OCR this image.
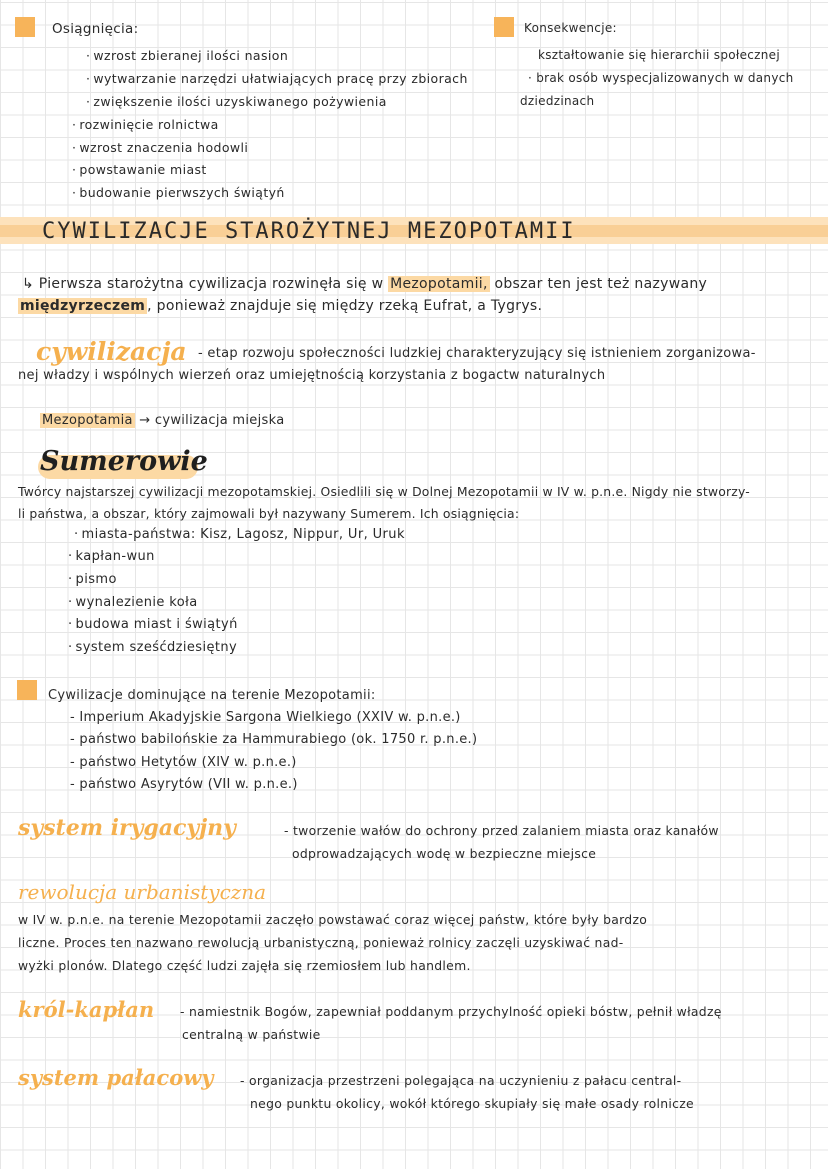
Osiągnięcia:
· wzrost zbieranej ilości nasion
· wytwarzanie narzędzi ułatwiających pracę przy zbiorach
· zwiększenie ilości uzyskiwanego pożywienia
· rozwinięcie rolnictwa
· wzrost znaczenia hodowli
· powstawanie miast
· budowanie pierwszych świątyń
Konsekwencje:
kształtowanie się hierarchii społecznej
· brak osób wyspecjalizowanych w danych
dziedzinach
CYWILIZACJE STAROŻYTNEJ MEZOPOTAMII
↳ Pierwsza starożytna cywilizacja rozwinęła się w Mezopotamii, obszar ten jest też nazywany
międzyrzeczem , ponieważ znajduje się między rzeką Eufrat, a Tygrys.
cywilizacja - etap rozwoju społeczności ludzkiej charakteryzujący się istnieniem zorganizowa-
nej władzy i wspólnych wierzeń oraz umiejętnością korzystania z bogactw naturalnych
Mezopotamia → cywilizacja miejska
Sumerowie
Twórcy najstarszej cywilizacji mezopotamskiej. Osiedlili się w Dolnej Mezopotamii w IV w. p.n.e. Nigdy nie stworzy-
li państwa, a obszar, który zajmowali był nazywany Sumerem. Ich osiągnięcia:
· miasta-państwa: Kisz, Lagosz, Nippur, Ur, Uruk
· kapłan-wun
· pismo
· wynalezienie koła
· budowa miast i świątyń
· system sześćdziesiętny
Cywilizacje dominujące na terenie Mezopotamii:
- Imperium Akadyjskie Sargona Wielkiego (XXIV w. p.n.e.)
- państwo babilońskie za Hammurabiego (ok. 1750 r. p.n.e.)
- państwo Hetytów (XIV w. p.n.e.)
- państwo Asyrytów (VII w. p.n.e.)
system irygacyjny	- tworzenie wałów do ochrony przed zalaniem miasta oraz kanałów
odprowadzających wodę w bezpieczne miejsce
rewolucja urbanistyczna
w IV w. p.n.e. na terenie Mezopotamii zaczęło powstawać coraz więcej państw, które były bardzo
liczne. Proces ten nazwano rewolucją urbanistyczną, ponieważ rolnicy zaczęli uzyskiwać nad-
wyżki plonów. Dlatego część ludzi zajęła się rzemiosłem lub handlem.
król-kapłan - namiestnik Bogów, zapewniał poddanym przychylność opieki bóstw, pełnił władzę
centralną w państwie
system pałacowy - organizacja przestrzeni polegająca na uczynieniu z pałacu central-
nego punktu okolicy, wokół którego skupiały się małe osady rolnicze
